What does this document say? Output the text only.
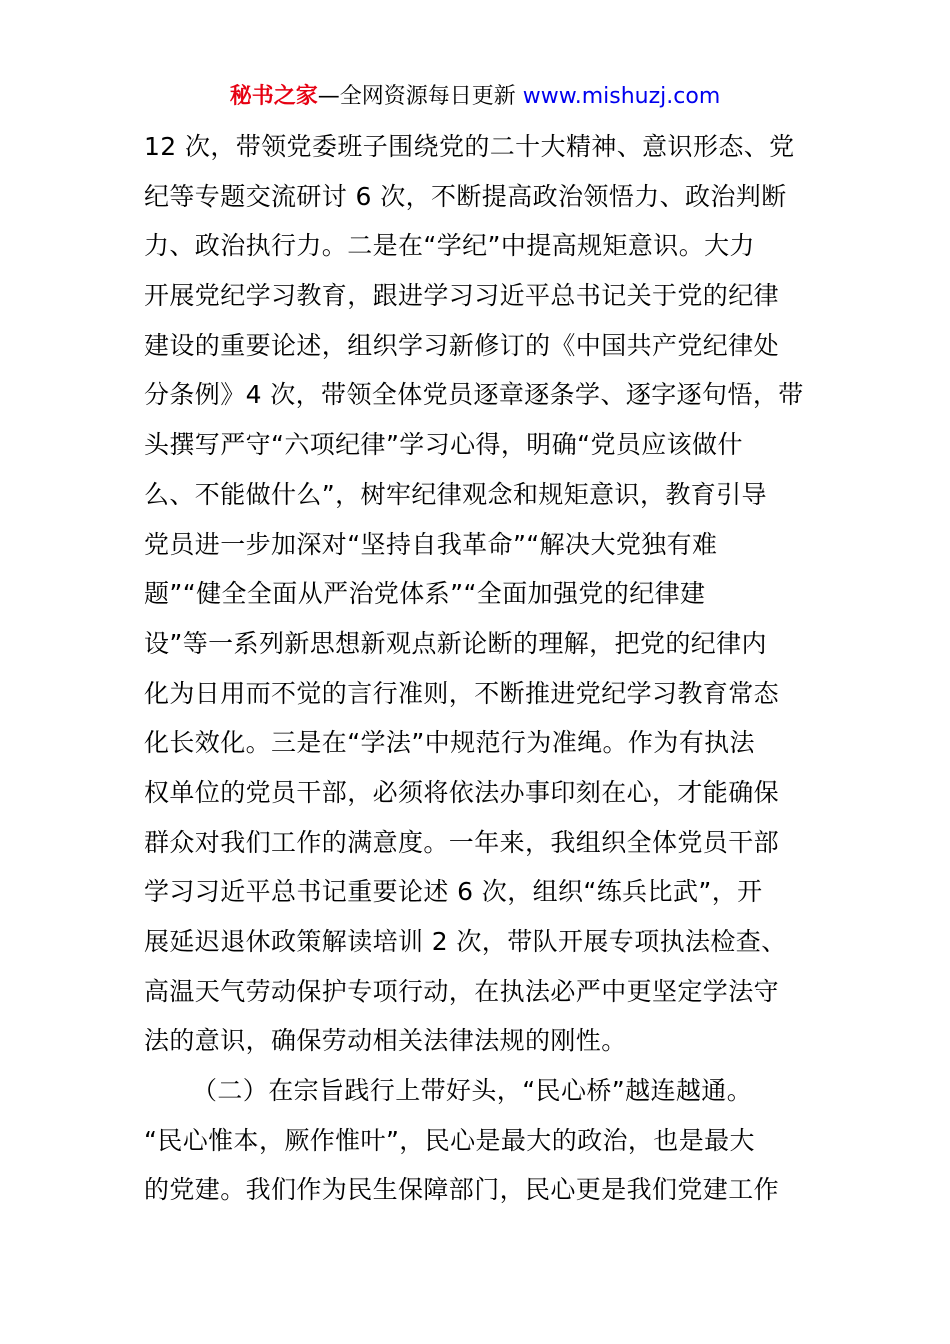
秘书之家—全网资源每日更新 www.mishuzj.com
12 次，带领党委班子围绕党的二十大精神、意识形态、党
纪等专题交流研讨 6 次，不断提高政治领悟力、政治判断
力、政治执行力。二是在“学纪”中提高规矩意识。大力
开展党纪学习教育，跟进学习习近平总书记关于党的纪律
建设的重要论述，组织学习新修订的《中国共产党纪律处
分条例》4 次，带领全体党员逐章逐条学、逐字逐句悟，带
头撰写严守“六项纪律”学习心得，明确“党员应该做什
么、不能做什么”，树牢纪律观念和规矩意识，教育引导
党员进一步加深对“坚持自我革命”“解决大党独有难
题”“健全全面从严治党体系”“全面加强党的纪律建
设”等一系列新思想新观点新论断的理解，把党的纪律内
化为日用而不觉的言行准则，不断推进党纪学习教育常态
化长效化。三是在“学法”中规范行为准绳。作为有执法
权单位的党员干部，必须将依法办事印刻在心，才能确保
群众对我们工作的满意度。一年来，我组织全体党员干部
学习习近平总书记重要论述 6 次，组织“练兵比武”，开
展延迟退休政策解读培训 2 次，带队开展专项执法检查、
高温天气劳动保护专项行动，在执法必严中更坚定学法守
法的意识，确保劳动相关法律法规的刚性。
（二）在宗旨践行上带好头，“民心桥”越连越通。
“民心惟本，厥作惟叶”，民心是最大的政治，也是最大
的党建。我们作为民生保障部门，民心更是我们党建工作
